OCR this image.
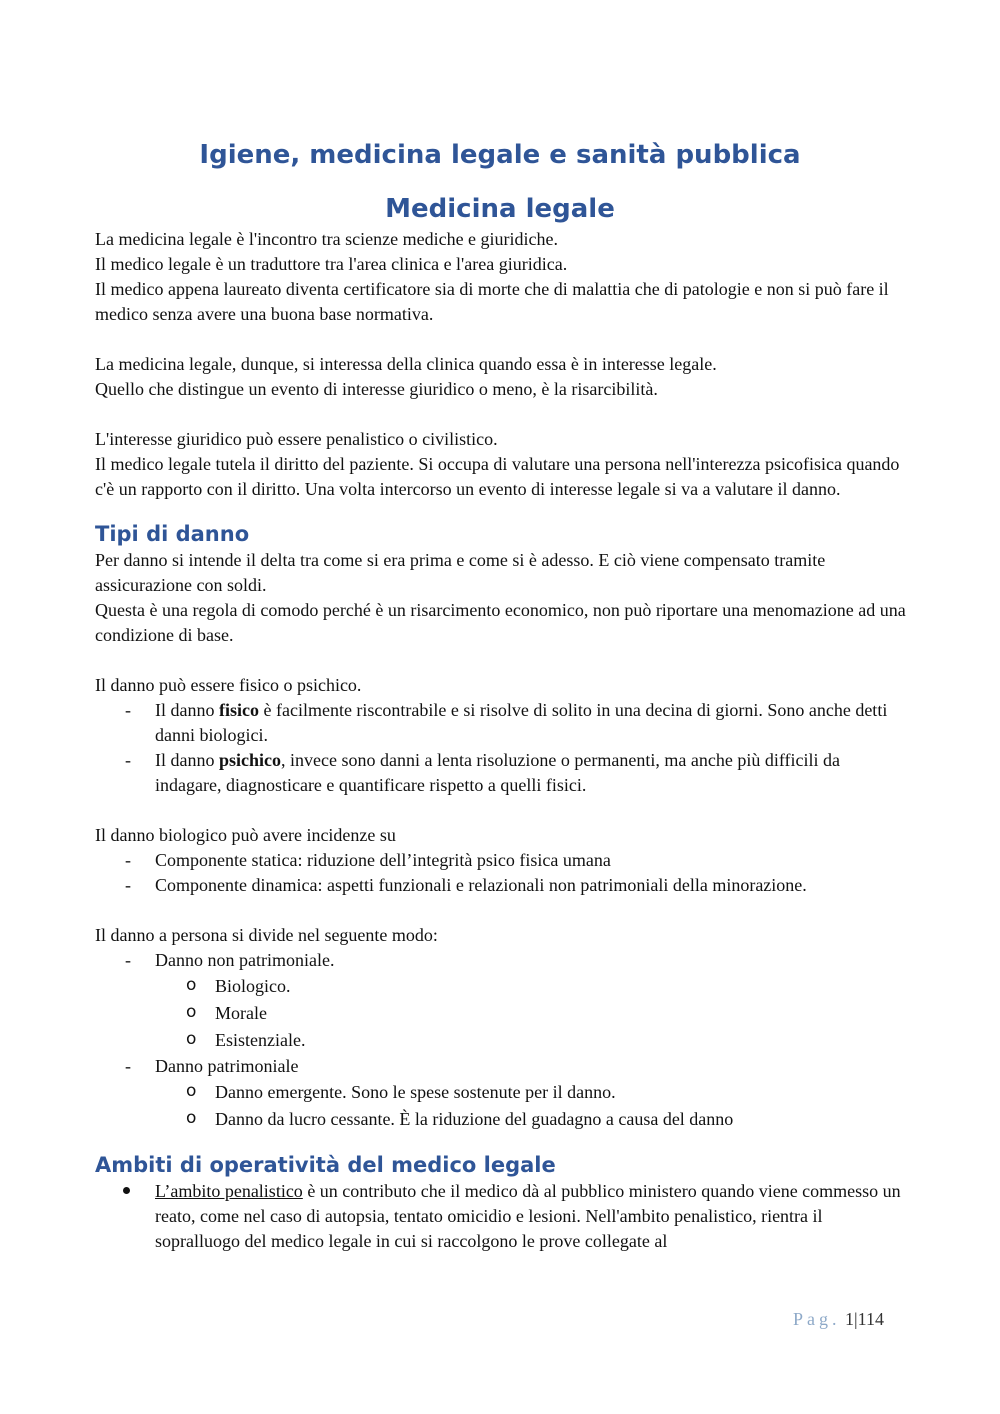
Igiene, medicina legale e sanità pubblica
Medicina legale

La medicina legale è l'incontro tra scienze mediche e giuridiche.

Il medico legale è un traduttore tra l'area clinica e l'area giuridica.

Il medico appena laureato diventa certificatore sia di morte che di malattia che di patologie e non si può fare il medico senza avere una buona base normativa.

La medicina legale, dunque, si interessa della clinica quando essa è in interesse legale.

Quello che distingue un evento di interesse giuridico o meno, è la risarcibilità.

L'interesse giuridico può essere penalistico o civilistico.

Il medico legale tutela il diritto del paziente. Si occupa di valutare una persona nell'interezza psicofisica quando c'è un rapporto con il diritto. Una volta intercorso un evento di interesse legale si va a valutare il danno.

Tipi di danno

Per danno si intende il delta tra come si era prima e come si è adesso. E ciò viene compensato tramite assicurazione con soldi.

Questa è una regola di comodo perché è un risarcimento economico, non può riportare una menomazione ad una condizione di base.

Il danno può essere fisico o psichico.

- Il danno fisico è facilmente riscontrabile e si risolve di solito in una decina di giorni. Sono anche detti danni biologici.
- Il danno psichico, invece sono danni a lenta risoluzione o permanenti, ma anche più difficili da indagare, diagnosticare e quantificare rispetto a quelli fisici.

Il danno biologico può avere incidenze su

- Componente statica: riduzione dell’integrità psico fisica umana
- Componente dinamica: aspetti funzionali e relazionali non patrimoniali della minorazione.

Il danno a persona si divide nel seguente modo:

- Danno non patrimoniale.
o Biologico.
o Morale
o Esistenziale.
- Danno patrimoniale
o Danno emergente. Sono le spese sostenute per il danno.
o Danno da lucro cessante. È la riduzione del guadagno a causa del danno
Ambiti di operatività del medico legale
L’ambito penalistico è un contributo che il medico dà al pubblico ministero quando viene commesso un reato, come nel caso di autopsia, tentato omicidio e lesioni. Nell'ambito penalistico, rientra il sopralluogo del medico legale in cui si raccolgono le prove collegate al
Pag. 1|114
